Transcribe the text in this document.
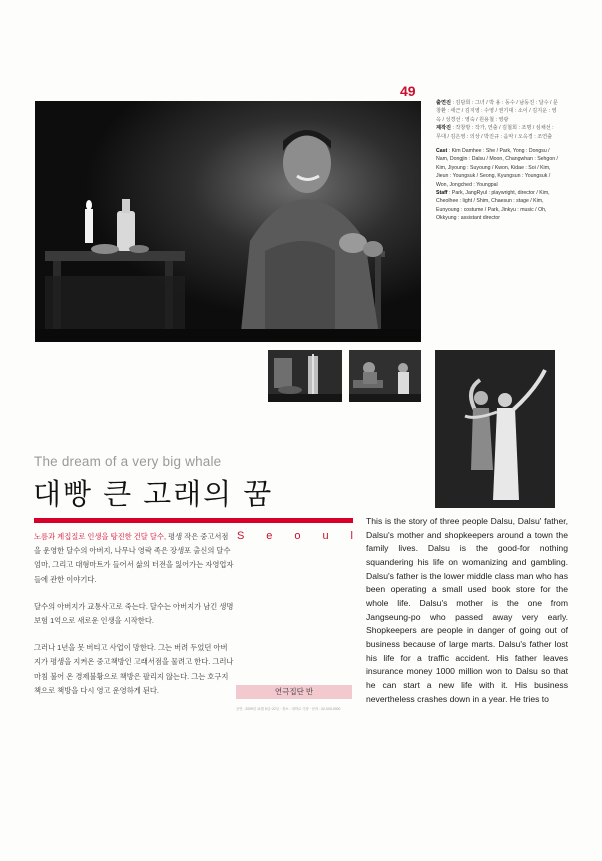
49
출연진 : 김담희 : 그녀 / 박 용 : 동수 / 남동진 : 달수 / 문창환 : 세근 / 김지영 : 수영 / 권기대 : 소이 / 김지운 : 영옥 / 성경선 : 영숙 / 원용철 : 영광
제작진 : 작창방 : 작가, 연출 / 김철희 : 조명 / 심채선 : 무대 / 김은영 : 의상 / 박진규 : 음악 / 오옥경 : 조연출
Cast : Kim Damhee : She / Park, Yong : Dongsu / Nam, Dongjin : Dalsu / Moon, Changwhan : Sehgon / Kim, Jiyoung : Suyoung / Kwon, Kidae : Soi / Kim, Jieun : Youngsuk / Seong, Kyungsun : Youngsuk / Won, Jongched : Youngpal
Staff : Park, JangRyul : playwright, director / Kim, Cheolhee : light / Shim, Chaesun : stage / Kim, Eunyoung : costume / Park, Jinkyu : music / Oh, Okkyung : assistant director
The dream of a very big whale
대빵 큰 고래의 꿈

노름과 계집질로 인생을 탕진한 건달 달수, 평생 작은 중고서점을 운영한 달수의 아버지, 나무나 영락 족은 장생포 출신의 달수 엄마, 그리고 대형마트가 들어서 삶의 터전을 잃어가는 자영업자들에 관한 이야기다.

달수의 아버지가 교통사고로 죽는다. 달수는 아버지가 남긴 생명보험 1억으로 새로운 인생을 시작한다.

그러나 1년을 못 버티고 사업이 망한다. 그는 버려 두었던 아버지가 평생을 지켜온 중고책방인 고래서점을 물려고 한다. 그러나 마침 불어 온 경제불황으로 책방은 팔리지 않는다. 그는 호구지책으로 책방을 다시 영고 운영하게 된다.

S e o u l
연극집단 반
공연 : 2009년 11월 5일~22일 · 장소 : 대학로 극장 · 문의 : 02-000-0000
This is the story of three people Dalsu, Dalsu' father, Dalsu's mother and shopkeepers around a town the family lives. Dalsu is the good-for nothing squandering his life on womanizing and gambling. Dalsu's father is the lower middle class man who has been operating a small used book store for the whole life. Dalsu's mother is the one from Jangseung-po who passed away very early. Shopkeepers are people in danger of going out of business because of large marts. Dalsu's father lost his life for a traffic accident. His father leaves insurance money 1000 million won to Dalsu so that he can start a new life with it. His business nevertheless crashes down in a year. He tries to
